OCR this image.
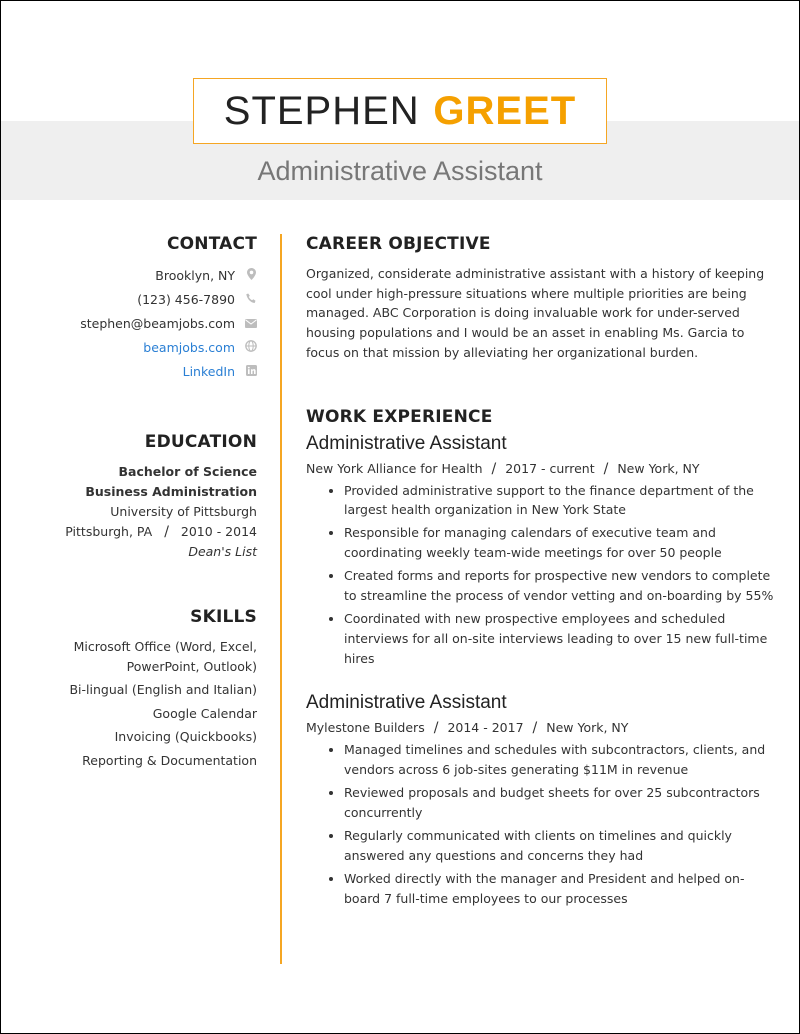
STEPHEN GREET
Administrative Assistant
CONTACT
Brooklyn, NY
(123) 456-7890
stephen@beamjobs.com
beamjobs.com
LinkedIn
EDUCATION
Bachelor of Science
Business Administration
University of Pittsburgh
Pittsburgh, PA / 2010 - 2014
Dean's List
SKILLS
Microsoft Office (Word, Excel, PowerPoint, Outlook)
Bi-lingual (English and Italian)
Google Calendar
Invoicing (Quickbooks)
Reporting & Documentation
CAREER OBJECTIVE
Organized, considerate administrative assistant with a history of keeping cool under high-pressure situations where multiple priorities are being managed. ABC Corporation is doing invaluable work for under-served housing populations and I would be an asset in enabling Ms. Garcia to focus on that mission by alleviating her organizational burden.
WORK EXPERIENCE
Administrative Assistant
New York Alliance for Health / 2017 - current / New York, NY
• Provided administrative support to the finance department of the largest health organization in New York State
• Responsible for managing calendars of executive team and coordinating weekly team-wide meetings for over 50 people
• Created forms and reports for prospective new vendors to complete to streamline the process of vendor vetting and on-boarding by 55%
• Coordinated with new prospective employees and scheduled interviews for all on-site interviews leading to over 15 new full-time hires
Administrative Assistant
Mylestone Builders / 2014 - 2017 / New York, NY
• Managed timelines and schedules with subcontractors, clients, and vendors across 6 job-sites generating $11M in revenue
• Reviewed proposals and budget sheets for over 25 subcontractors concurrently
• Regularly communicated with clients on timelines and quickly answered any questions and concerns they had
• Worked directly with the manager and President and helped on-board 7 full-time employees to our processes
